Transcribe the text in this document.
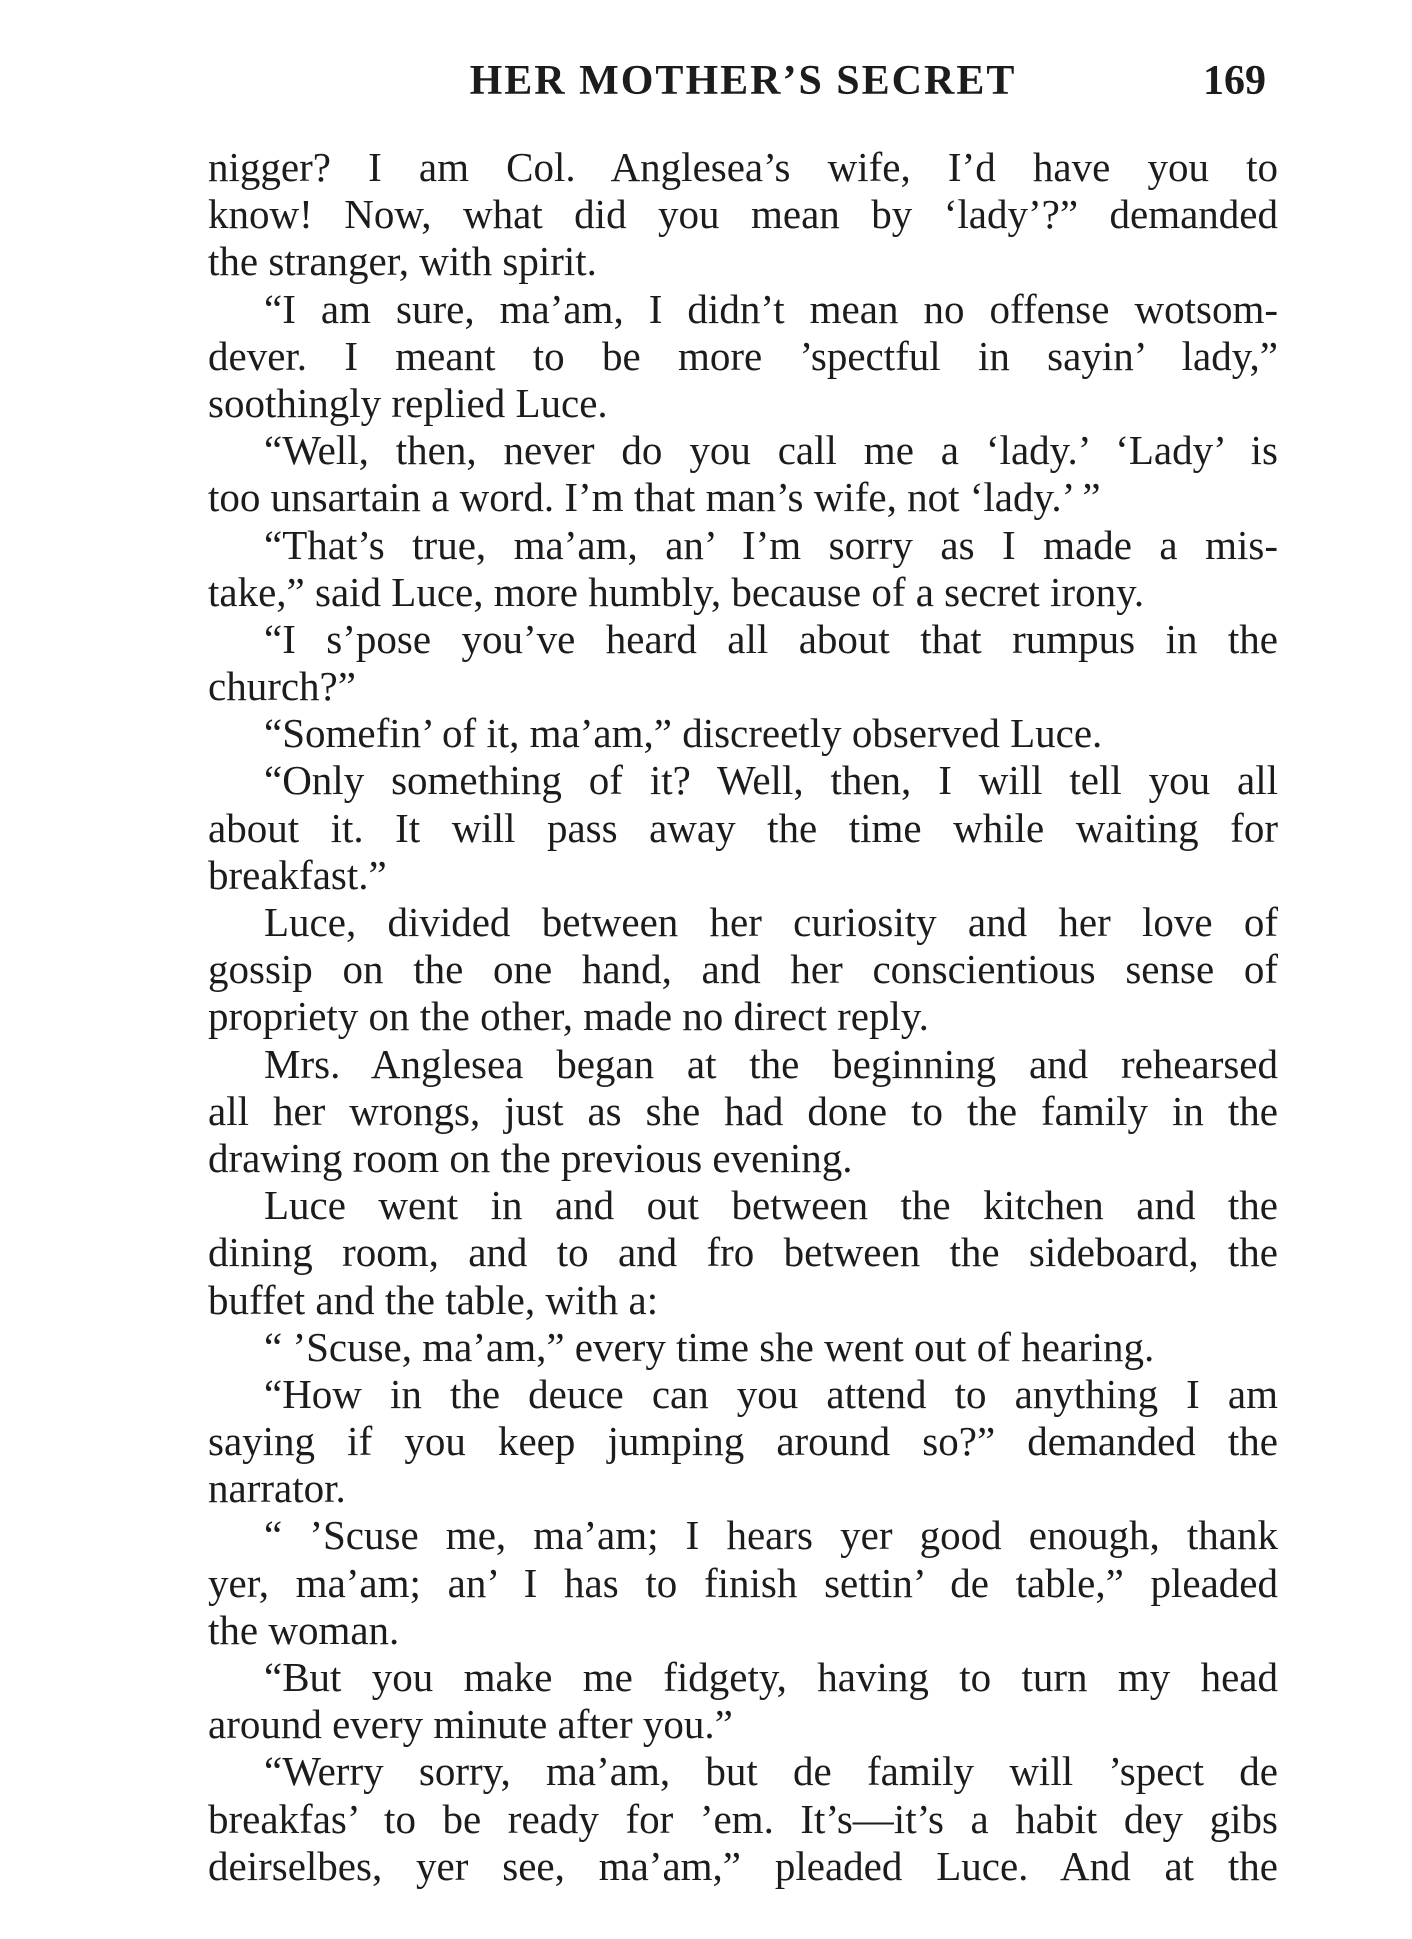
HER MOTHER’S SECRET	169
nigger? I am Col. Anglesea’s wife, I’d have you to
know! Now, what did you mean by ‘lady’?” demanded
the stranger, with spirit.
“I am sure, ma’am, I didn’t mean no offense wotsom-
dever. I meant to be more ’spectful in sayin’ lady,”
soothingly replied Luce.
“Well, then, never do you call me a ‘lady.’ ‘Lady’ is
too unsartain a word. I’m that man’s wife, not ‘lady.’ ”
“That’s true, ma’am, an’ I’m sorry as I made a mis-
take,” said Luce, more humbly, because of a secret irony.
“I s’pose you’ve heard all about that rumpus in the
church?”
“Somefin’ of it, ma’am,” discreetly observed Luce.
“Only something of it? Well, then, I will tell you all
about it. It will pass away the time while waiting for
breakfast.”
Luce, divided between her curiosity and her love of
gossip on the one hand, and her conscientious sense of
propriety on the other, made no direct reply.
Mrs. Anglesea began at the beginning and rehearsed
all her wrongs, just as she had done to the family in the
drawing room on the previous evening.
Luce went in and out between the kitchen and the
dining room, and to and fro between the sideboard, the
buffet and the table, with a:
“ ’Scuse, ma’am,” every time she went out of hearing.
“How in the deuce can you attend to anything I am
saying if you keep jumping around so?” demanded the
narrator.
“ ’Scuse me, ma’am; I hears yer good enough, thank
yer, ma’am; an’ I has to finish settin’ de table,” pleaded
the woman.
“But you make me fidgety, having to turn my head
around every minute after you.”
“Werry sorry, ma’am, but de family will ’spect de
breakfas’ to be ready for ’em. It’s—it’s a habit dey gibs
deirselbes, yer see, ma’am,” pleaded Luce. And at the
